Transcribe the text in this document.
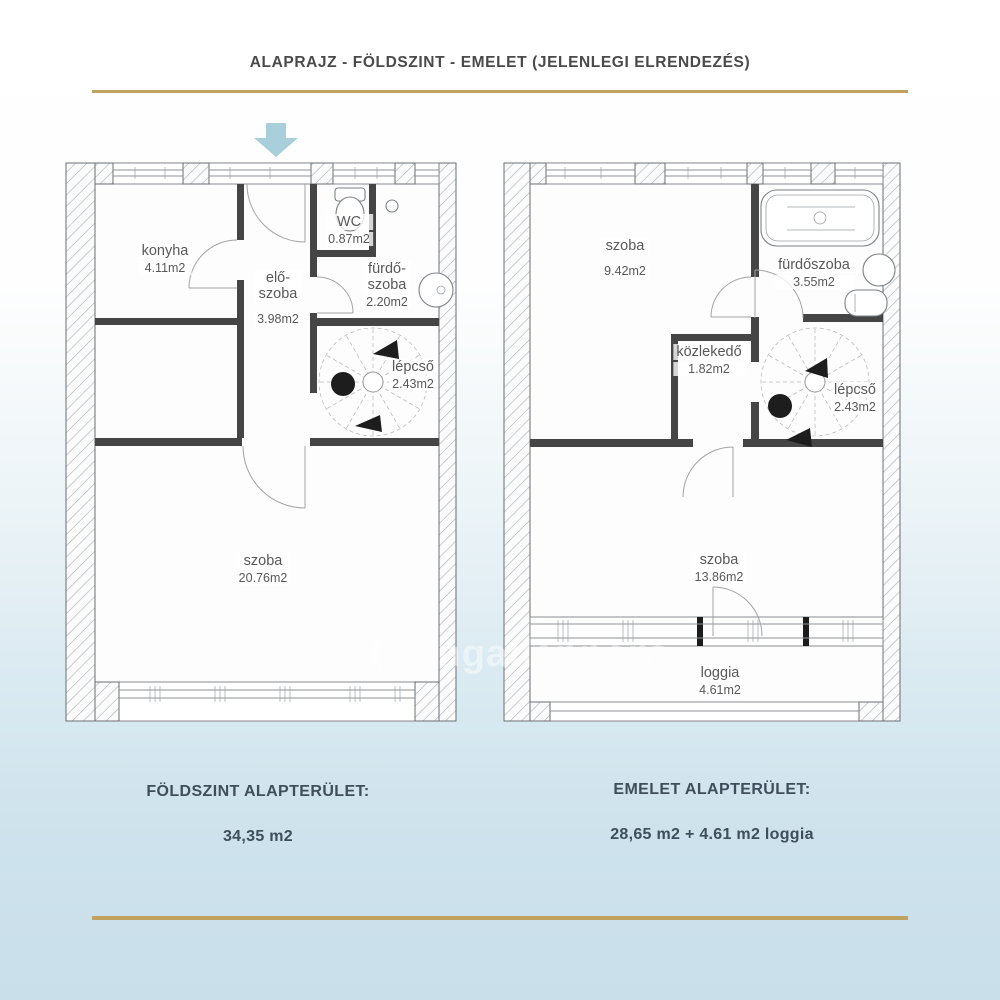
ALAPRAJZ - FÖLDSZINT - EMELET (JELENLEGI ELRENDEZÉS)
konyha
4.11m2
WC
0.87m2
elő-
szoba
3.98m2
fürdő-
szoba
2.20m2
lépcső
2.43m2
szoba
20.76m2
szoba
9.42m2	fürdőszoba
3.55m2
közlekedő
1.82m2
lépcső
2.43m2
szoba
13.86m2
loggia
4.61m2
ingatlanpont
FÖLDSZINT ALAPTERÜLET:
34,35 m2
EMELET ALAPTERÜLET:
28,65 m2 + 4.61 m2 loggia
